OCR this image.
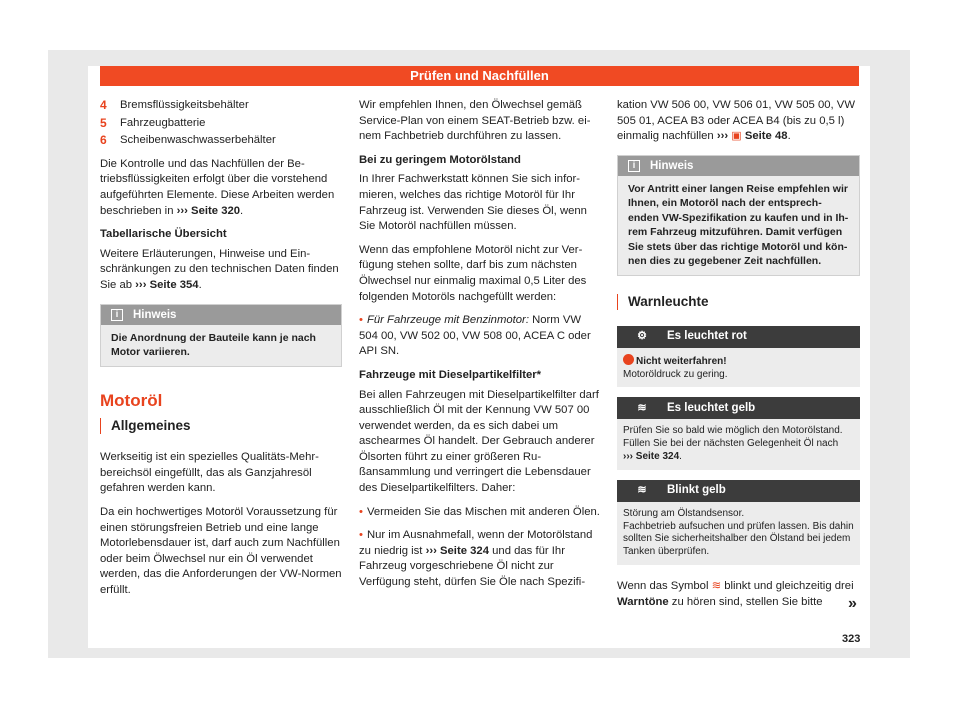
Prüfen und Nachfüllen
4	Bremsflüssigkeitsbehälter
5	Fahrzeugbatterie
6	Scheibenwaschwasserbehälter

Die Kontrolle und das Nachfüllen der Betriebsflüssigkeiten erfolgt über die vorstehend aufgeführten Elemente. Diese Arbeiten werden beschrieben in ››› Seite 320.

Tabellarische Übersicht

Weitere Erläuterungen, Hinweise und Einschränkungen zu den technischen Daten finden Sie ab ››› Seite 354.

i	Hinweis
Die Anordnung der Bauteile kann je nach Motor variieren.
Motoröl
Allgemeines

Werkseitig ist ein spezielles Qualitäts-Mehrbereichsöl eingefüllt, das als Ganzjahresöl gefahren werden kann.

Da ein hochwertiges Motoröl Voraussetzung für einen störungsfreien Betrieb und eine lange Motorlebensdauer ist, darf auch zum Nachfüllen oder beim Ölwechsel nur ein Öl verwendet werden, das die Anforderungen der VW-Normen erfüllt.

Wir empfehlen Ihnen, den Ölwechsel gemäß Service-Plan von einem SEAT-Betrieb bzw. einem Fachbetrieb durchführen zu lassen.

Bei zu geringem Motorölstand

In Ihrer Fachwerkstatt können Sie sich informieren, welches das richtige Motoröl für Ihr Fahrzeug ist. Verwenden Sie dieses Öl, wenn Sie Motoröl nachfüllen müssen.

Wenn das empfohlene Motoröl nicht zur Verfügung stehen sollte, darf bis zum nächsten Ölwechsel nur einmalig maximal 0,5 Liter des folgenden Motoröls nachgefüllt werden:

• Für Fahrzeuge mit Benzinmotor: Norm VW 504 00, VW 502 00, VW 508 00, ACEA C oder API SN.

Fahrzeuge mit Dieselpartikelfilter*

Bei allen Fahrzeugen mit Dieselpartikelfilter darf ausschließlich Öl mit der Kennung VW 507 00 verwendet werden, da es sich dabei um aschearmes Öl handelt. Der Gebrauch anderer Ölsorten führt zu einer größeren Rußansammlung und verringert die Lebensdauer des Dieselpartikelfilters. Daher:

• Vermeiden Sie das Mischen mit anderen Ölen.

• Nur im Ausnahmefall, wenn der Motorölstand zu niedrig ist ››› Seite 324 und das für Ihr Fahrzeug vorgeschriebene Öl nicht zur Verfügung steht, dürfen Sie Öle nach Spezifi-

kation VW 506 00, VW 506 01, VW 505 00, VW 505 01, ACEA B3 oder ACEA B4 (bis zu 0,5 l) einmalig nachfüllen ››› ▣ Seite 48.

i	Hinweis
Vor Antritt einer langen Reise empfehlen wir Ihnen, ein Motoröl nach der entsprechenden VW-Spezifikation zu kaufen und in Ihrem Fahrzeug mitzuführen. Damit verfügen Sie stets über das richtige Motoröl und können dies zu gegebener Zeit nachfüllen.
Warnleuchte
⚙	Es leuchtet rot
Nicht weiterfahren!
Motoröldruck zu gering.
≋	Es leuchtet gelb
Prüfen Sie so bald wie möglich den Motorölstand. Füllen Sie bei der nächsten Gelegenheit Öl nach
››› Seite 324.
≋	Blinkt gelb
Störung am Ölstandsensor.
Fachbetrieb aufsuchen und prüfen lassen. Bis dahin sollten Sie sicherheitshalber den Ölstand bei jedem Tanken überprüfen.

Wenn das Symbol ≋ blinkt und gleichzeitig drei Warntöne zu hören sind, stellen Sie bitte	»
323
